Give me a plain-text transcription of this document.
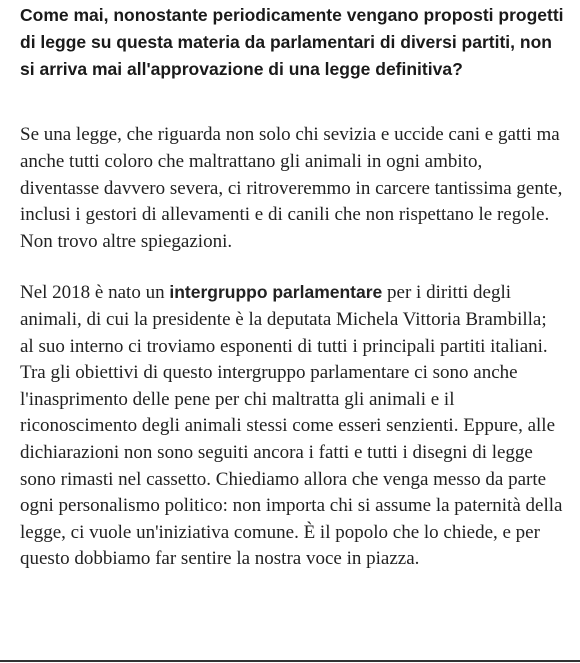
Come mai, nonostante periodicamente vengano proposti progetti di legge su questa materia da parlamentari di diversi partiti, non si arriva mai all'approvazione di una legge definitiva?

Se una legge, che riguarda non solo chi sevizia e uccide cani e gatti ma anche tutti coloro che maltrattano gli animali in ogni ambito, diventasse davvero severa, ci ritroveremmo in carcere tantissima gente, inclusi i gestori di allevamenti e di canili che non rispettano le regole. Non trovo altre spiegazioni.

Nel 2018 è nato un intergruppo parlamentare per i diritti degli animali, di cui la presidente è la deputata Michela Vittoria Brambilla; al suo interno ci troviamo esponenti di tutti i principali partiti italiani. Tra gli obiettivi di questo intergruppo parlamentare ci sono anche l'inasprimento delle pene per chi maltratta gli animali e il riconoscimento degli animali stessi come esseri senzienti. Eppure, alle dichiarazioni non sono seguiti ancora i fatti e tutti i disegni di legge sono rimasti nel cassetto. Chiediamo allora che venga messo da parte ogni personalismo politico: non importa chi si assume la paternità della legge, ci vuole un'iniziativa comune. È il popolo che lo chiede, e per questo dobbiamo far sentire la nostra voce in piazza.
